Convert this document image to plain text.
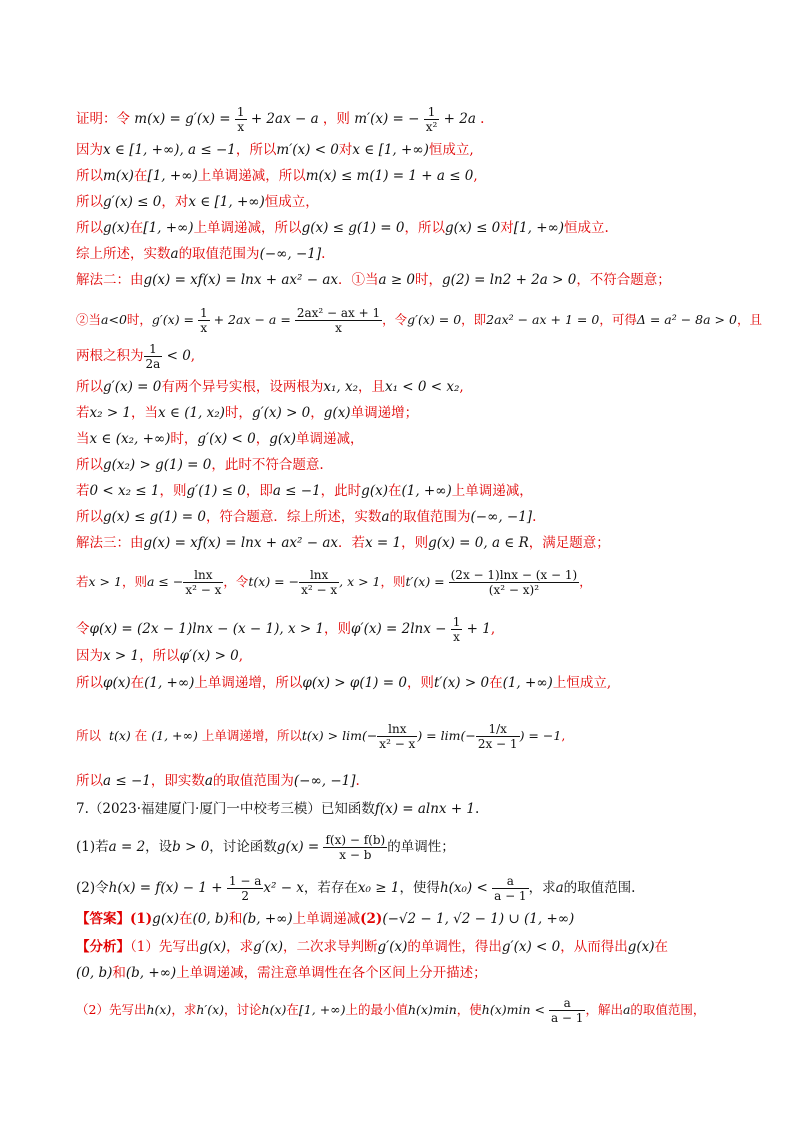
证明：令 $m(x) = g'(x) = \frac{1}{x} + 2ax - a$ ，则 m′(x) = − $\frac{1}{\text{x²}} + 2a$ .
因为x ∈ [1, +∞), a ≤ −1，所以m′(x) < 0对x ∈ [1, +∞)恒成立,
所以m(x)在[1, +∞)上单调递减，所以m(x) ≤ m(1) = 1 + a ≤ 0,
所以g′(x) ≤ 0，对x ∈ [1, +∞)恒成立，
所以g(x)在[1, +∞)上单调递减，所以g(x) ≤ g(1) = 0，所以g(x) ≤ 0对[1, +∞)恒成立.
综上所述，实数a的取值范围为(−∞, −1].
解法二：由g(x) = xf(x) = lnx + ax² − ax．①当a ≥ 0时，g(2) = ln2 + 2a > 0，不符合题意；
②当a<0时，$g'(x) = \frac{1}{x} + 2ax - a = \frac{\text{2ax² − ax + 1}}{x}$ ，令g′(x) = 0，即2ax² − ax + 1 = 0，可得Δ = a² − 8a > 0，且
两根之积为 $\frac{1}{2a} < 0$,
所以g′(x) = 0有两个异号实根，设两根为x₁, x₂，且x₁ < 0 < x₂,
若x₂ > 1，当x ∈ (1, x₂)时，g′(x) > 0，g(x)单调递增；
当x ∈ (x₂, +∞)时，g′(x) < 0，g(x)单调递减，
所以g(x₂) > g(1) = 0，此时不符合题意.
若0 < x₂ ≤ 1，则g′(1) ≤ 0，即a ≤ −1，此时g(x)在(1, +∞)上单调递减，
所以g(x) ≤ g(1) = 0，符合题意．综上所述，实数a的取值范围为(−∞, −1].
解法三：由g(x) = xf(x) = lnx + ax² − ax．若x = 1，则g(x) = 0, a ∈ R，满足题意；
若x > 1，则a ≤ − $\frac{\ln x}{\text{x² − x}}$ ，令t(x) = − $\frac{\ln x}{\text{x² − x}}$ , x > 1，则$t'(x) = \frac{(2x - 1)\ln x - (x - 1)}{\text{(x² − x)²}}$ ，
令φ(x) = (2x − 1)lnx − (x − 1), x > 1，则$\varphi'(x) = 2\ln x - \frac{1}{x} + 1$,
因为x > 1，所以φ′(x) > 0,
所以φ(x)在(1, +∞)上单调递增，所以φ(x) > φ(1) = 0，则t′(x) > 0在(1, +∞)上恒成立,
所以 t(x) 在 (1, +∞) 上单调递增，所以$t(x) > \lim(- \frac{\ln x}{\text{x² − x}}$ ) = $\lim(- \frac{1/x}{2x - 1}$ ) = −1,
所以a ≤ −1，即实数a的取值范围为(−∞, −1].
7.（2023·福建厦门·厦门一中校考三模）已知函数f(x) = alnx + 1.
(1)若a = 2，设b > 0，讨论函数$g(x) = \frac{f(x) - f(b)}{x - b}$ 的单调性；
(2)令$h(x) = f(x) - 1 + \frac{1 - a}{2} x^2 - x$，若存在x₀ ≥ 1，使得$h(x_0) < \frac{a}{a - 1}$ ，求a的取值范围.
【答案】(1)g(x)在(0, b)和(b, +∞)上单调递减(2)(−√2 − 1, √2 − 1) ∪ (1, +∞)
【分析】（1）先写出g(x)，求g′(x)，二次求导判断g′(x)的单调性，得出g′(x) < 0，从而得出g(x)在
(0, b)和(b, +∞)上单调递减，需注意单调性在各个区间上分开描述；
（2）先写出h(x)，求h′(x)，讨论h(x)在[1, +∞)上的最小值h(x)min，使$h(x)\min < \frac{a}{a - 1}$ ，解出a的取值范围，
